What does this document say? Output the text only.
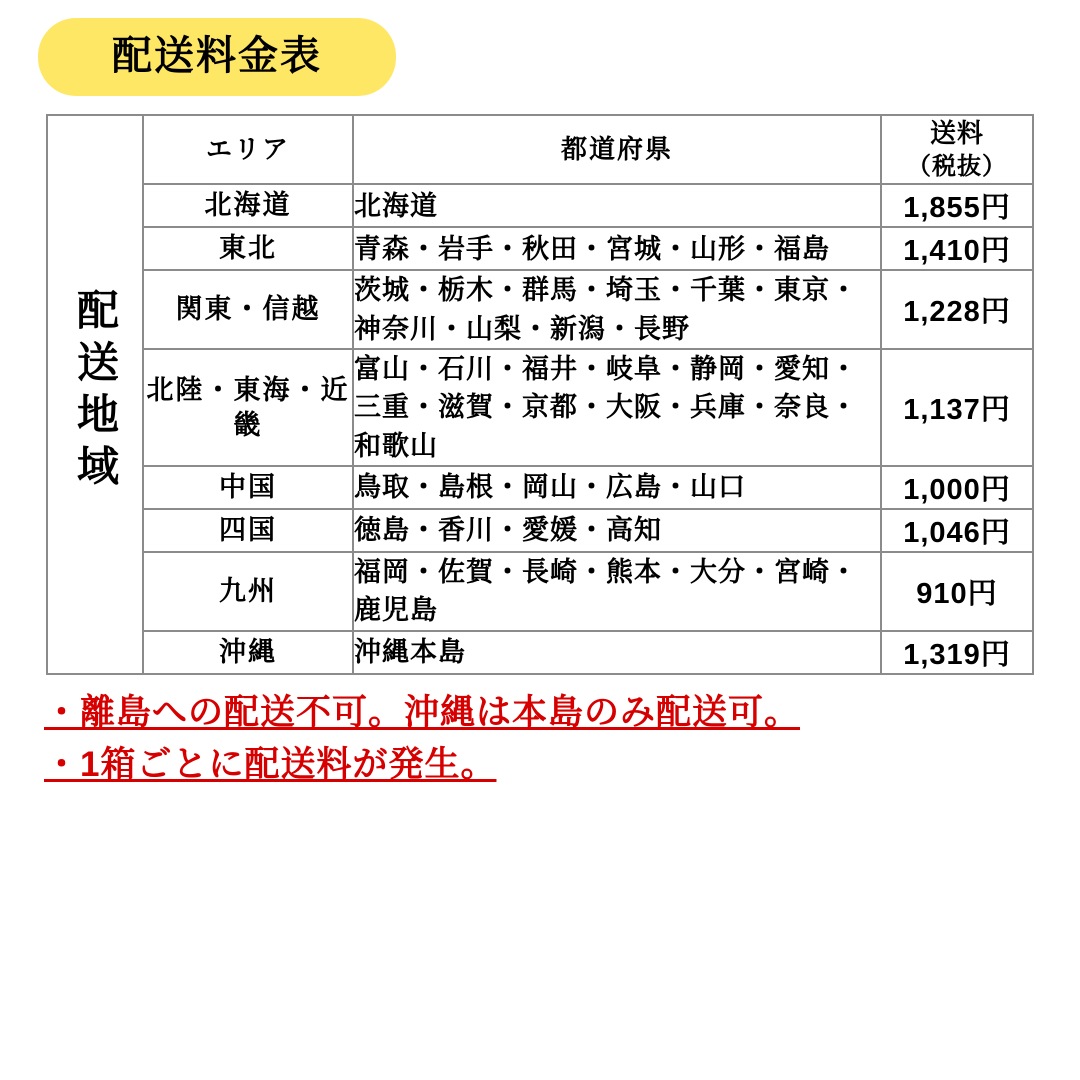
配送料金表
配送地域	エリア	都道府県	送料
（税抜）

	北海道	北海道	1,855円
	東北	青森・岩手・秋田・宮城・山形・福島	1,410円
	関東・信越	茨城・栃木・群馬・埼玉・千葉・東京・神奈川・山梨・新潟・長野	1,228円
	北陸・東海・近畿	富山・石川・福井・岐阜・静岡・愛知・三重・滋賀・京都・大阪・兵庫・奈良・和歌山	1,137円
	中国	鳥取・島根・岡山・広島・山口	1,000円
	四国	徳島・香川・愛媛・高知	1,046円
	九州	福岡・佐賀・長崎・熊本・大分・宮崎・鹿児島	910円
	沖縄	沖縄本島	1,319円
・離島への配送不可。沖縄は本島のみ配送可。
・1箱ごとに配送料が発生。
